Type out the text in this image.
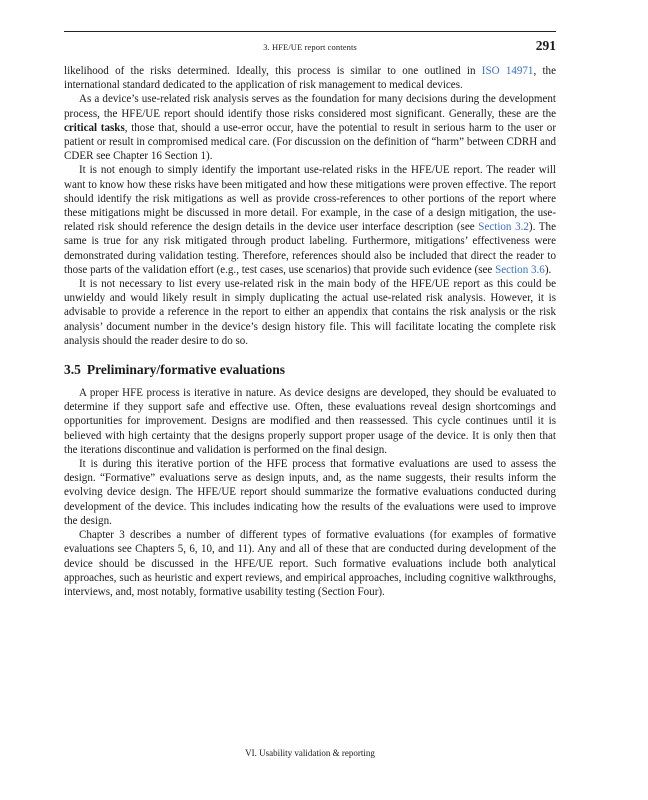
3. HFE/UE report contents	291

likelihood of the risks determined. Ideally, this process is similar to one outlined in ISO 14971, the international standard dedicated to the application of risk management to medical devices.

As a device’s use-related risk analysis serves as the foundation for many decisions during the development process, the HFE/UE report should identify those risks considered most significant. Generally, these are the critical tasks, those that, should a use-error occur, have the potential to result in serious harm to the user or patient or result in compromised medical care. (For discussion on the definition of “harm” between CDRH and CDER see Chapter 16 Section 1).

It is not enough to simply identify the important use-related risks in the HFE/UE report. The reader will want to know how these risks have been mitigated and how these mitigations were proven effective. The report should identify the risk mitigations as well as provide cross-references to other portions of the report where these mitigations might be discussed in more detail. For example, in the case of a design mitigation, the use-related risk should reference the design details in the device user interface description (see Section 3.2). The same is true for any risk mitigated through product labeling. Furthermore, mitigations’ effectiveness were demonstrated during validation testing. Therefore, references should also be included that direct the reader to those parts of the validation effort (e.g., test cases, use scenarios) that provide such evidence (see Section 3.6).

It is not necessary to list every use-related risk in the main body of the HFE/UE report as this could be unwieldy and would likely result in simply duplicating the actual use-related risk analysis. However, it is advisable to provide a reference in the report to either an appendix that contains the risk analysis or the risk analysis’ document number in the device’s design history file. This will facilitate locating the complete risk analysis should the reader desire to do so.

3.5 Preliminary/formative evaluations

A proper HFE process is iterative in nature. As device designs are developed, they should be evaluated to determine if they support safe and effective use. Often, these evaluations reveal design shortcomings and opportunities for improvement. Designs are modified and then reassessed. This cycle continues until it is believed with high certainty that the designs properly support proper usage of the device. It is only then that the iterations discontinue and validation is performed on the final design.

It is during this iterative portion of the HFE process that formative evaluations are used to assess the design. “Formative” evaluations serve as design inputs, and, as the name suggests, their results inform the evolving device design. The HFE/UE report should summarize the formative evaluations conducted during development of the device. This includes indicating how the results of the evaluations were used to improve the design.

Chapter 3 describes a number of different types of formative evaluations (for examples of formative evaluations see Chapters 5, 6, 10, and 11). Any and all of these that are conducted during development of the device should be discussed in the HFE/UE report. Such formative evaluations include both analytical approaches, such as heuristic and expert reviews, and empirical approaches, including cognitive walkthroughs, interviews, and, most notably, formative usability testing (Section Four).

VI. Usability validation & reporting
